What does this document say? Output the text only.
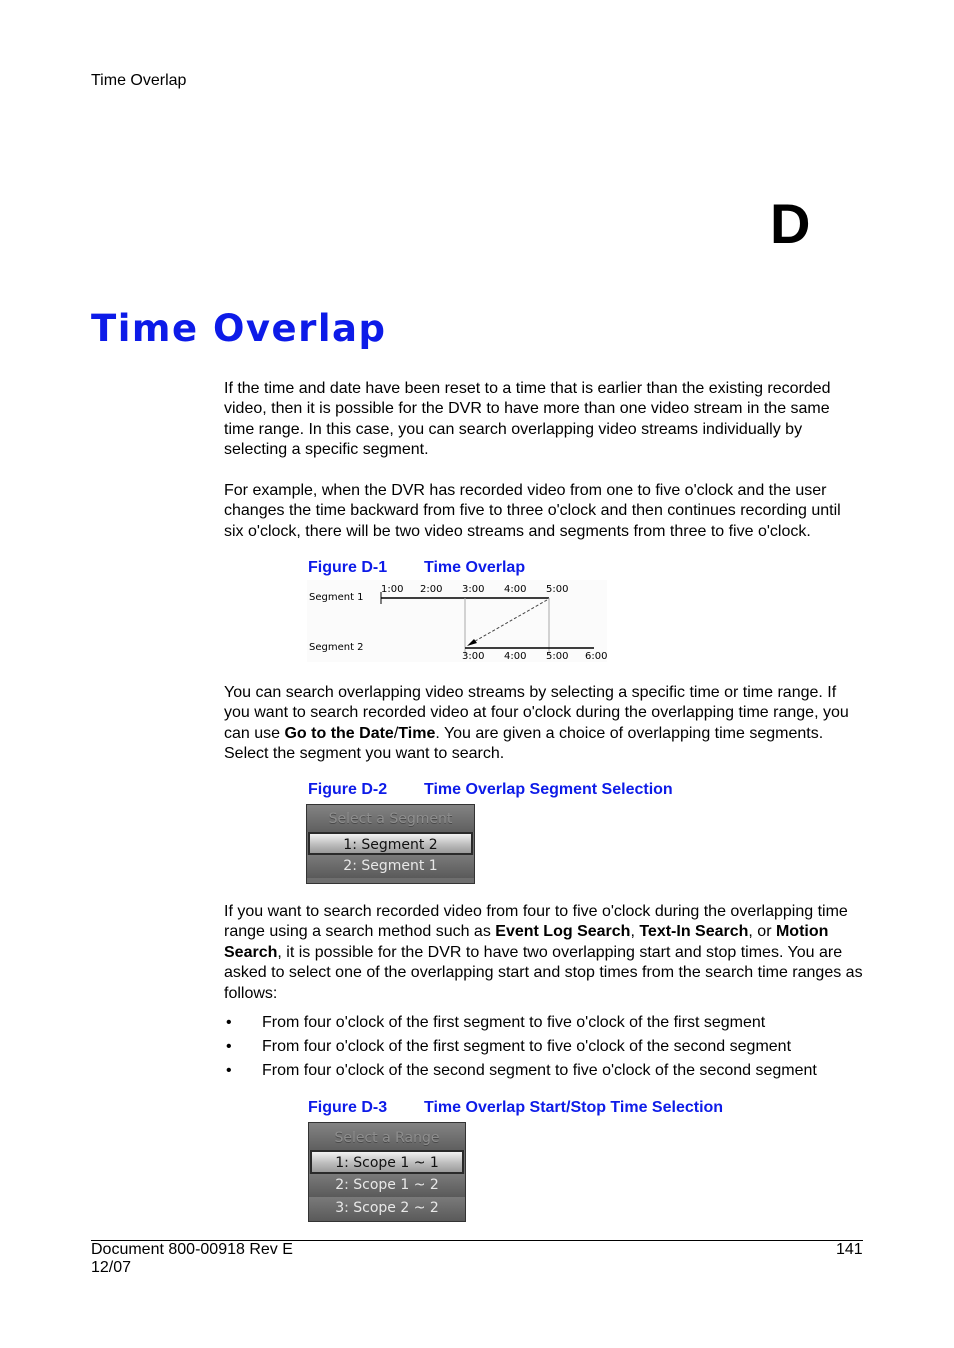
Time Overlap
D
Time Overlap

If the time and date have been reset to a time that is earlier than the existing recorded video, then it is possible for the DVR to have more than one video stream in the same time range. In this case, you can search overlapping video streams individually by selecting a specific segment.

For example, when the DVR has recorded video from one to five o'clock and the user changes the time backward from five to three o'clock and then continues recording until six o'clock, there will be two video streams and segments from three to five o'clock.

Figure D-1 Time Overlap
Segment 1
Segment 2
1:00 2:00 3:00 4:00 5:00
3:00 4:00 5:00 6:00

You can search overlapping video streams by selecting a specific time or time range. If you want to search recorded video at four o'clock during the overlapping time range, you can use Go to the Date/Time. You are given a choice of overlapping time segments. Select the segment you want to search.

Figure D-2 Time Overlap Segment Selection
Select a Segment
1: Segment 2
2: Segment 1

If you want to search recorded video from four to five o'clock during the overlapping time range using a search method such as Event Log Search, Text-In Search, or Motion Search, it is possible for the DVR to have two overlapping start and stop times. You are asked to select one of the overlapping start and stop times from the search time ranges as follows:

• From four o'clock of the first segment to five o'clock of the first segment
• From four o'clock of the first segment to five o'clock of the second segment
• From four o'clock of the second segment to five o'clock of the second segment
Figure D-3 Time Overlap Start/Stop Time Selection
Select a Range
1: Scope 1 ~ 1
2: Scope 1 ~ 2
3: Scope 2 ~ 2
Document 800-00918 Rev E
12/07
141
